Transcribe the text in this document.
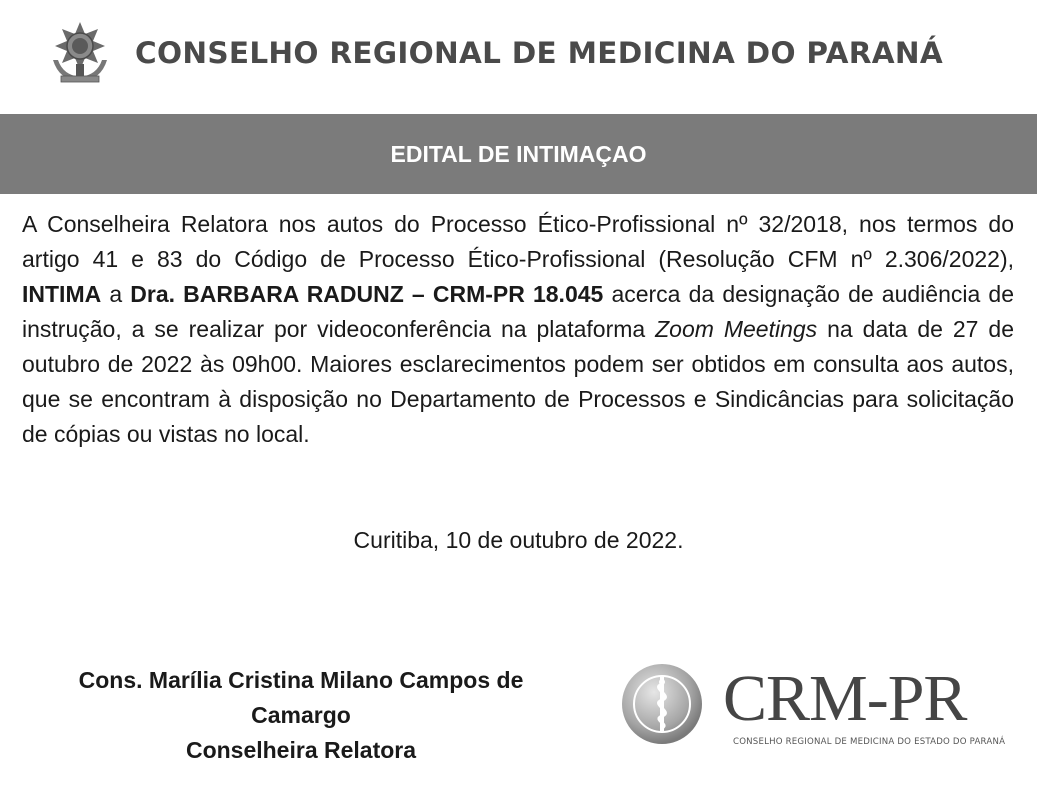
CONSELHO REGIONAL DE MEDICINA DO PARANÁ
EDITAL DE INTIMAÇAO
A Conselheira Relatora nos autos do Processo Ético-Profissional nº 32/2018, nos termos do artigo 41 e 83 do Código de Processo Ético-Profissional (Resolução CFM nº 2.306/2022), INTIMA a Dra. BARBARA RADUNZ – CRM-PR 18.045 acerca da designação de audiência de instrução, a se realizar por videoconferência na plataforma Zoom Meetings na data de 27 de outubro de 2022 às 09h00. Maiores esclarecimentos podem ser obtidos em consulta aos autos, que se encontram à disposição no Departamento de Processos e Sindicâncias para solicitação de cópias ou vistas no local.
Curitiba, 10 de outubro de 2022.
Cons. Marília Cristina Milano Campos de Camargo
Conselheira Relatora
CRM-PR
CONSELHO REGIONAL DE MEDICINA DO ESTADO DO PARANÁ
